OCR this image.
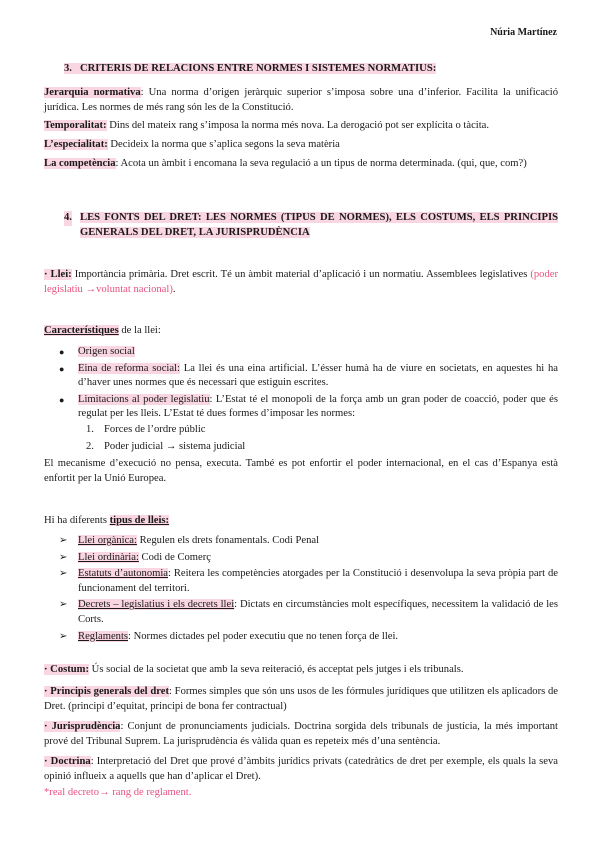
Núria Martínez
3. CRITERIS DE RELACIONS ENTRE NORMES I SISTEMES NORMATIUS:
Jerarquia normativa: Una norma d’origen jeràrquic superior s’imposa sobre una d’inferior. Facilita la unificació jurídica. Les normes de més rang són les de la Constitució.
Temporalitat: Dins del mateix rang s’imposa la norma més nova. La derogació pot ser explícita o tàcita.
L’especialitat: Decideix la norma que s’aplica segons la seva matèria
La competència: Acota un àmbit i encomana la seva regulació a un tipus de norma determinada. (qui, que, com?)
4. LES FONTS DEL DRET: LES NORMES (TIPUS DE NORMES), ELS COSTUMS, ELS PRINCIPIS GENERALS DEL DRET, LA JURISPRUDÈNCIA
· Llei: Importància primària. Dret escrit. Té un àmbit material d’aplicació i un normatiu. Assemblees legislatives (poder legislatiu →voluntat nacional).
Característiques de la llei:
● Origen social
● Eina de reforma social: La llei és una eina artificial. L’ésser humà ha de viure en societats, en aquestes hi ha d’haver unes normes que és necessari que estiguin escrites.
● Limitacions al poder legislatiu: L’Estat té el monopoli de la força amb un gran poder de coacció, poder que és regulat per les lleis. L’Estat té dues formes d’imposar les normes:
1. Forces de l’ordre públic
2. Poder judicial → sistema judicial
El mecanisme d’execució no pensa, executa. També es pot enfortir el poder internacional, en el cas d’Espanya està enfortit per la Unió Europea.
Hi ha diferents tipus de lleis:
➢ Llei orgànica: Regulen els drets fonamentals. Codi Penal
➢ Llei ordinària: Codi de Comerç
➢ Estatuts d’autonomia: Reitera les competències atorgades per la Constitució i desenvolupa la seva pròpia part de funcionament del territori.
➢ Decrets – legislatius i els decrets llei: Dictats en circumstàncies molt específiques, necessitem la validació de les Corts.
➢ Reglaments: Normes dictades pel poder executiu que no tenen força de llei.
· Costum: Ús social de la societat que amb la seva reiteració, és acceptat pels jutges i els tribunals.
· Principis generals del dret: Formes simples que són uns usos de les fórmules jurídiques que utilitzen els aplicadors de Dret. (principi d’equitat, principi de bona fer contractual)
· Jurisprudència: Conjunt de pronunciaments judicials. Doctrina sorgida dels tribunals de justícia, la més important prové del Tribunal Suprem. La jurisprudència és vàlida quan es repeteix més d’una sentència.
· Doctrina: Interpretació del Dret que prové d’àmbits jurídics privats (catedràtics de dret per exemple, els quals la seva opinió influeix a aquells que han d’aplicar el Dret).
*real decreto→ rang de reglament.
